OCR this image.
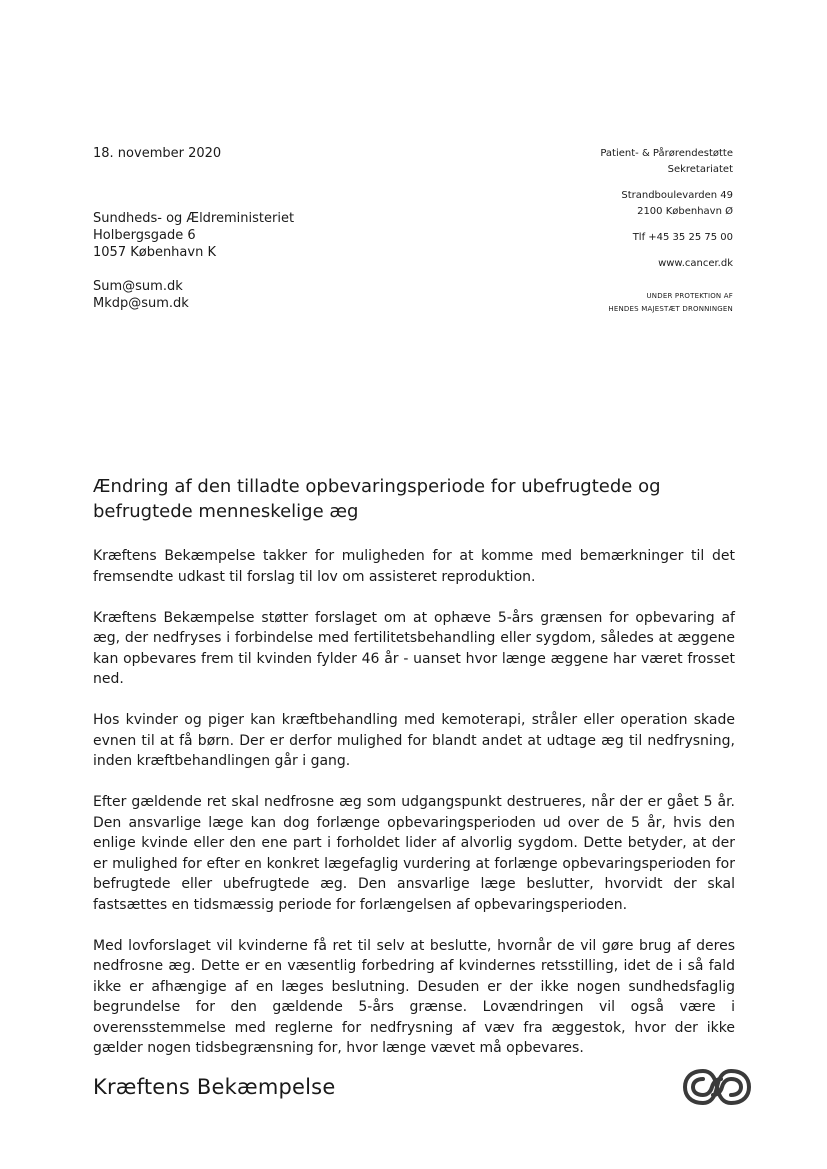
18. november 2020
Sundheds- og Ældreministeriet
Holbergsgade 6
1057 København K
Sum@sum.dk
Mkdp@sum.dk
Patient- & Pårørendestøtte
Sekretariatet
Strandboulevarden 49
2100 København Ø
Tlf +45 35 25 75 00
www.cancer.dk
UNDER PROTEKTION AF
HENDES MAJESTÆT DRONNINGEN
Ændring af den tilladte opbevaringsperiode for ubefrugtede og befrugtede menneskelige æg

Kræftens Bekæmpelse takker for muligheden for at komme med bemærkninger til det fremsendte udkast til forslag til lov om assisteret reproduktion.

Kræftens Bekæmpelse støtter forslaget om at ophæve 5-års grænsen for opbevaring af æg, der nedfryses i forbindelse med fertilitetsbehandling eller sygdom, således at æggene kan opbevares frem til kvinden fylder 46 år - uanset hvor længe æggene har været frosset ned.

Hos kvinder og piger kan kræftbehandling med kemoterapi, stråler eller operation skade evnen til at få børn. Der er derfor mulighed for blandt andet at udtage æg til nedfrysning, inden kræftbehandlingen går i gang.

Efter gældende ret skal nedfrosne æg som udgangspunkt destrueres, når der er gået 5 år. Den ansvarlige læge kan dog forlænge opbevaringsperioden ud over de 5 år, hvis den enlige kvinde eller den ene part i forholdet lider af alvorlig sygdom. Dette betyder, at der er mulighed for efter en konkret lægefaglig vurdering at forlænge opbevaringsperioden for befrugtede eller ubefrugtede æg. Den ansvarlige læge beslutter, hvorvidt der skal fastsættes en tidsmæssig periode for forlængelsen af opbevaringsperioden.

Med lovforslaget vil kvinderne få ret til selv at beslutte, hvornår de vil gøre brug af deres nedfrosne æg. Dette er en væsentlig forbedring af kvindernes retsstilling, idet de i så fald ikke er afhængige af en læges beslutning. Desuden er der ikke nogen sundhedsfaglig begrundelse for den gældende 5-års grænse. Lovændringen vil også være i overensstemmelse med reglerne for nedfrysning af væv fra æggestok, hvor der ikke gælder nogen tidsbegrænsning for, hvor længe vævet må opbevares.

Kræftens Bekæmpelse
